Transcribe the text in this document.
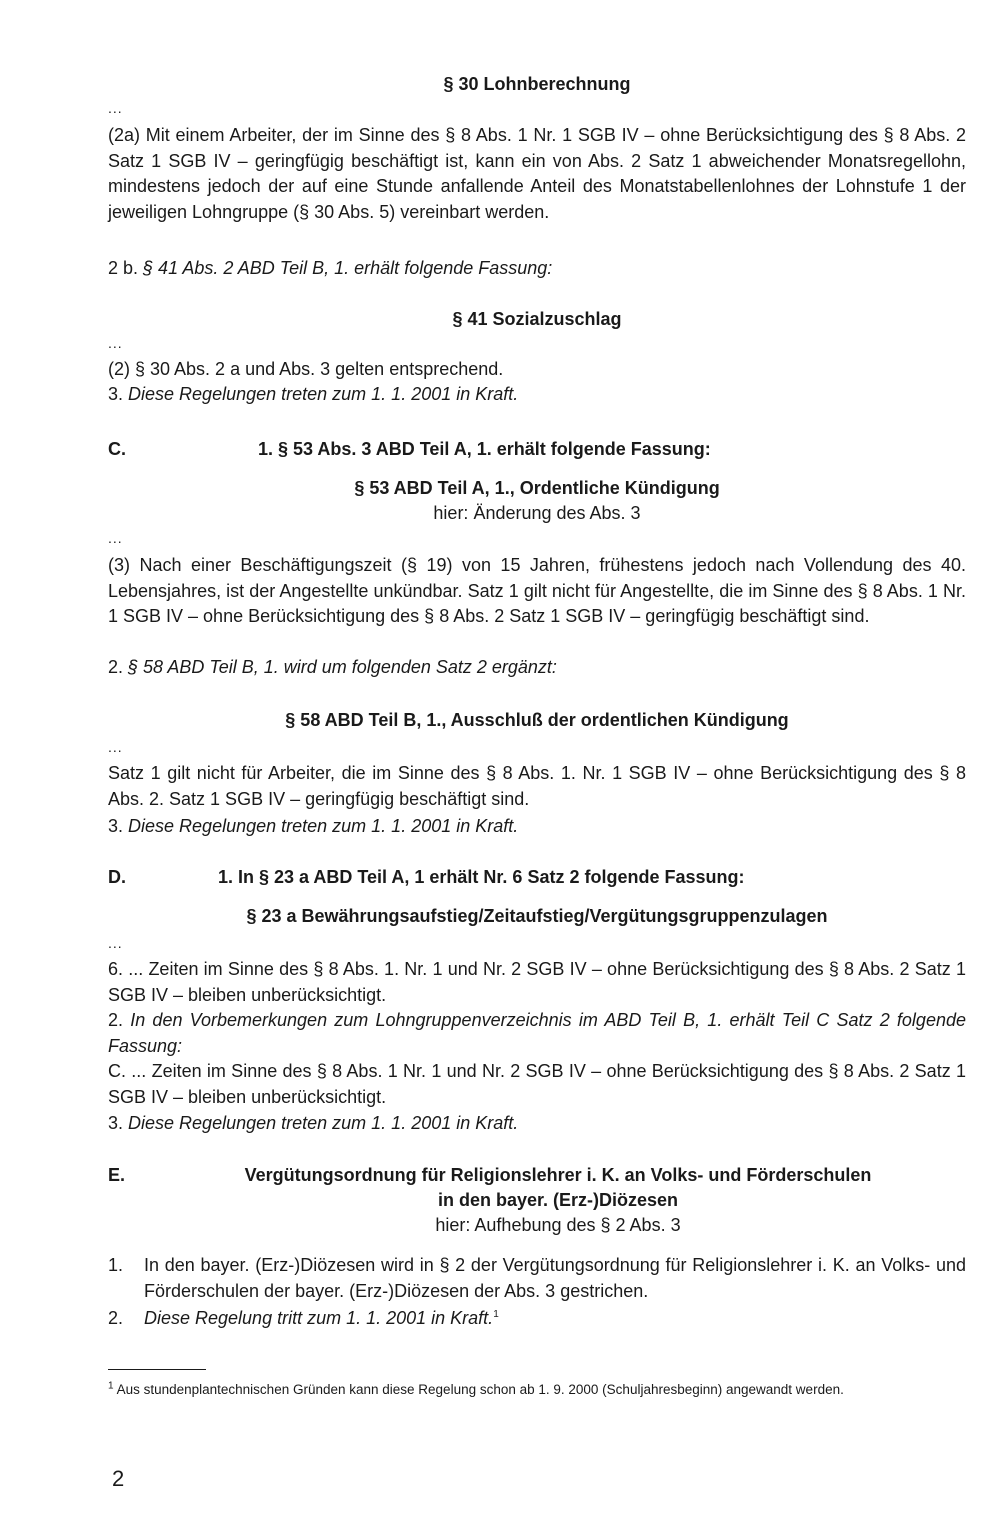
§ 30 Lohnberechnung

...

(2a) Mit einem Arbeiter, der im Sinne des § 8 Abs. 1 Nr. 1 SGB IV – ohne Berücksichtigung des § 8 Abs. 2 Satz 1 SGB IV – geringfügig beschäftigt ist, kann ein von Abs. 2 Satz 1 abweichender Monatsregellohn, mindestens jedoch der auf eine Stunde anfallende Anteil des Monatstabellenlohnes der Lohnstufe 1 der jeweiligen Lohngruppe (§ 30 Abs. 5) vereinbart werden.

2 b. § 41 Abs. 2 ABD Teil B, 1. erhält folgende Fassung:

§ 41 Sozialzuschlag

...

(2) § 30 Abs. 2 a und Abs. 3 gelten entsprechend.

3. Diese Regelungen treten zum 1. 1. 2001 in Kraft.

C.	1. § 53 Abs. 3 ABD Teil A, 1. erhält folgende Fassung:

§ 53 ABD Teil A, 1., Ordentliche Kündigung

hier: Änderung des Abs. 3

...

(3) Nach einer Beschäftigungszeit (§ 19) von 15 Jahren, frühestens jedoch nach Vollendung des 40. Lebensjahres, ist der Angestellte unkündbar. Satz 1 gilt nicht für Angestellte, die im Sinne des § 8 Abs. 1 Nr. 1 SGB IV – ohne Berücksichtigung des § 8 Abs. 2 Satz 1 SGB IV – geringfügig beschäftigt sind.

2. § 58 ABD Teil B, 1. wird um folgenden Satz 2 ergänzt:

§ 58 ABD Teil B, 1., Ausschluß der ordentlichen Kündigung

...

Satz 1 gilt nicht für Arbeiter, die im Sinne des § 8 Abs. 1. Nr. 1 SGB IV – ohne Berücksichtigung des § 8 Abs. 2. Satz 1 SGB IV – geringfügig beschäftigt sind.

3. Diese Regelungen treten zum 1. 1. 2001 in Kraft.

D.	1. In § 23 a ABD Teil A, 1 erhält Nr. 6 Satz 2 folgende Fassung:

§ 23 a Bewährungsaufstieg/Zeitaufstieg/Vergütungsgruppenzulagen

...

6. ... Zeiten im Sinne des § 8 Abs. 1. Nr. 1 und Nr. 2 SGB IV – ohne Berücksichtigung des § 8 Abs. 2 Satz 1 SGB IV – bleiben unberücksichtigt.

2. In den Vorbemerkungen zum Lohngruppenverzeichnis im ABD Teil B, 1. erhält Teil C Satz 2 folgende Fassung:

C. ... Zeiten im Sinne des § 8 Abs. 1 Nr. 1 und Nr. 2 SGB IV – ohne Berücksichtigung des § 8 Abs. 2 Satz 1 SGB IV – bleiben unberücksichtigt.

3. Diese Regelungen treten zum 1. 1. 2001 in Kraft.

E.	Vergütungsordnung für Religionslehrer i. K. an Volks- und Förderschulen

in den bayer. (Erz-)Diözesen

hier: Aufhebung des § 2 Abs. 3

1. In den bayer. (Erz-)Diözesen wird in § 2 der Vergütungsordnung für Religionslehrer i. K. an Volks- und Förderschulen der bayer. (Erz-)Diözesen der Abs. 3 gestrichen.

2. Diese Regelung tritt zum 1. 1. 2001 in Kraft.$^1$

$^1$ Aus stundenplantechnischen Gründen kann diese Regelung schon ab 1. 9. 2000 (Schuljahresbeginn) angewandt werden.

2
